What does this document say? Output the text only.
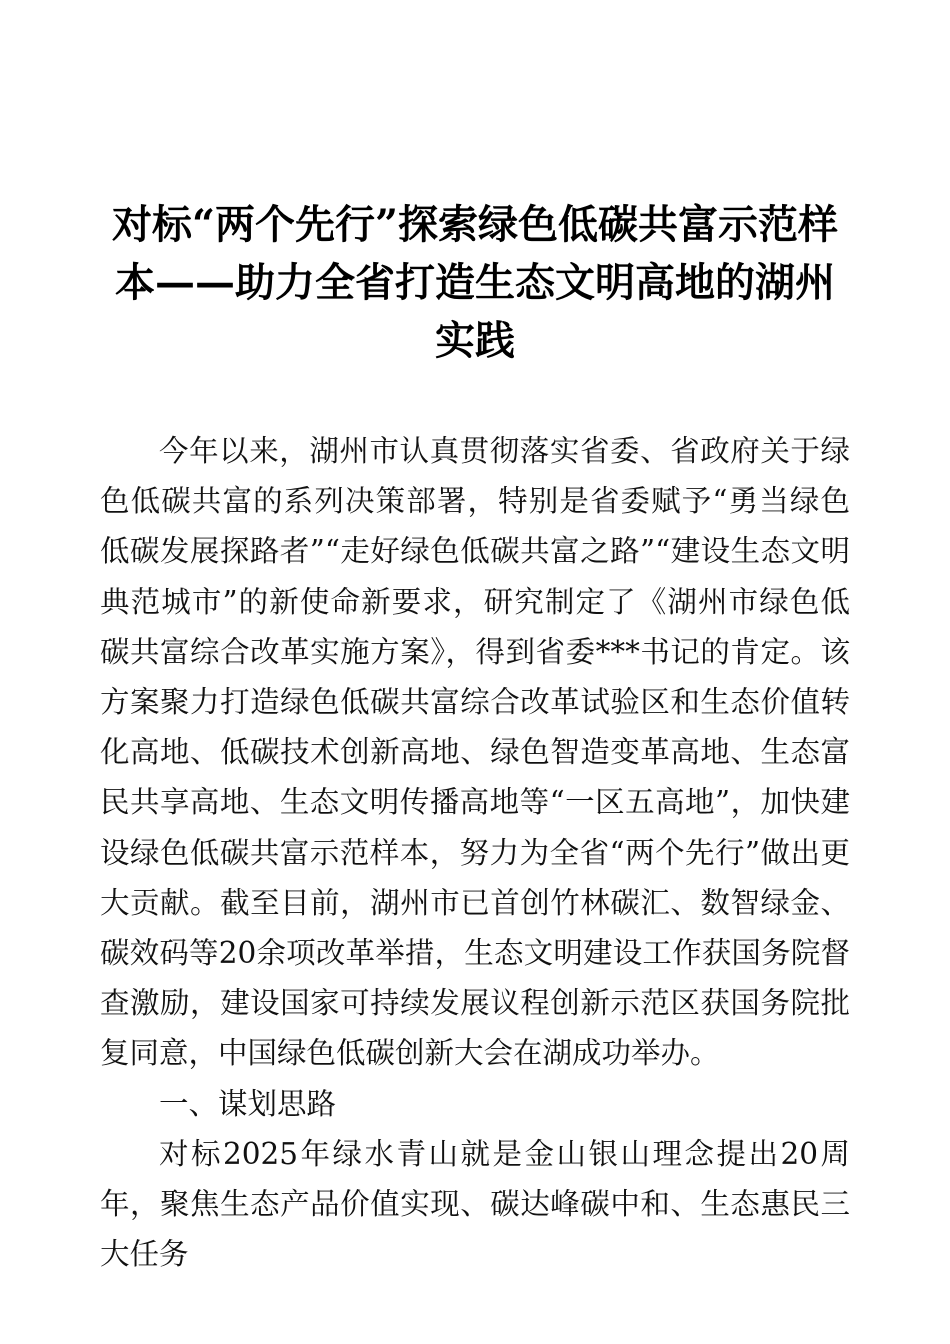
对标“两个先行”探索绿色低碳共富示范样本——助力全省打造生态文明高地的湖州实践

今年以来，湖州市认真贯彻落实省委、省政府关于绿色低碳共富的系列决策部署，特别是省委赋予“勇当绿色低碳发展探路者”“走好绿色低碳共富之路”“建设生态文明典范城市”的新使命新要求，研究制定了《湖州市绿色低碳共富综合改革实施方案》，得到省委***书记的肯定。该方案聚力打造绿色低碳共富综合改革试验区和生态价值转化高地、低碳技术创新高地、绿色智造变革高地、生态富民共享高地、生态文明传播高地等“一区五高地”，加快建设绿色低碳共富示范样本，努力为全省“两个先行”做出更大贡献。截至目前，湖州市已首创竹林碳汇、数智绿金、碳效码等20余项改革举措，生态文明建设工作获国务院督查激励，建设国家可持续发展议程创新示范区获国务院批复同意，中国绿色低碳创新大会在湖成功举办。

一、谋划思路

对标2025年绿水青山就是金山银山理念提出20周年，聚焦生态产品价值实现、碳达峰碳中和、生态惠民三大任务
